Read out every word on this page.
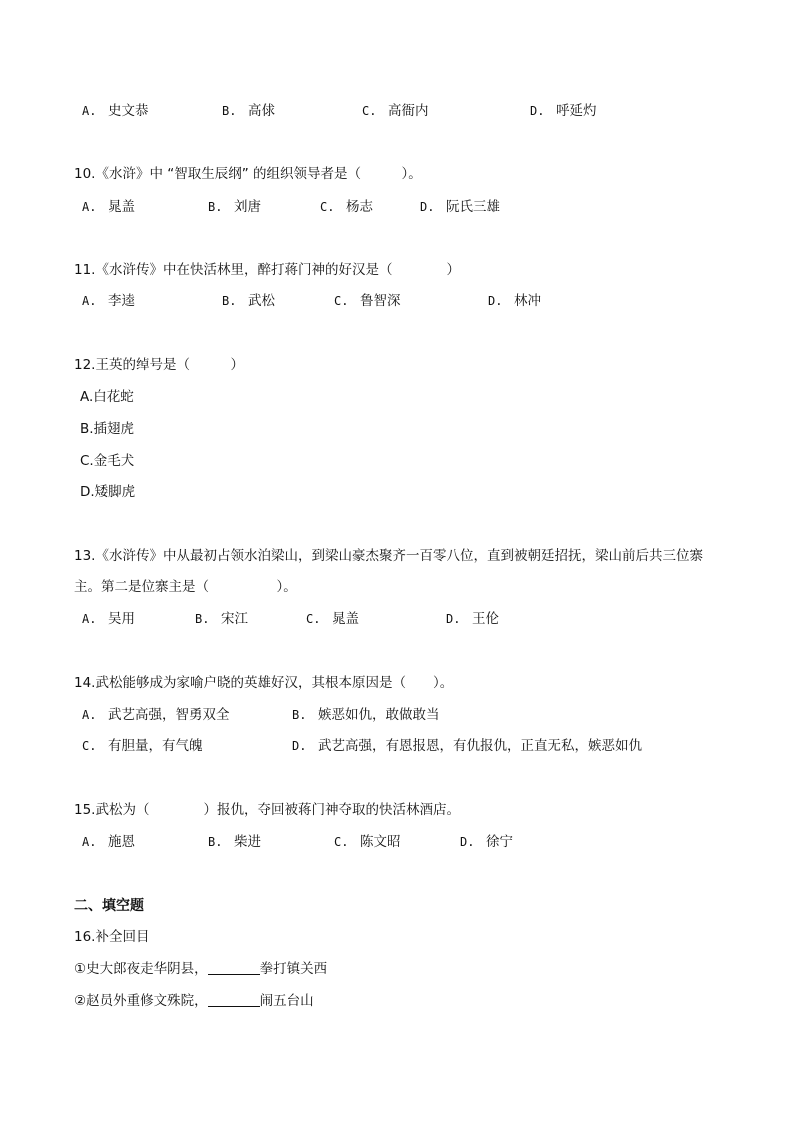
A. 史文恭	B. 高俅	C. 高衙内	D. 呼延灼
10.《水浒》中 “智取生辰纲” 的组织领导者是（　　　）。
A. 晁盖	B. 刘唐	C. 杨志	D. 阮氏三雄
11.《水浒传》中在快活林里，醉打蒋门神的好汉是（　　　　）
A. 李逵	B. 武松	C. 鲁智深	D. 林冲
12.王英的绰号是（　　　）
A.白花蛇
B.插翅虎
C.金毛犬
D.矮脚虎
13.《水浒传》中从最初占领水泊梁山，到梁山豪杰聚齐一百零八位，直到被朝廷招抚，梁山前后共三位寨
主。第二是位寨主是（　　　　　）。
A. 吴用	B. 宋江	C. 晁盖	D. 王伦
14.武松能够成为家喻户晓的英雄好汉，其根本原因是（　　）。
A. 武艺高强，智勇双全	B. 嫉恶如仇，敢做敢当
C. 有胆量，有气魄	D. 武艺高强，有恩报恩，有仇报仇，正直无私，嫉恶如仇
15.武松为（　　　　）报仇，夺回被蒋门神夺取的快活林酒店。
A. 施恩	B. 柴进	C. 陈文昭	D. 徐宁
二、填空题
16.补全回目
①史大郎夜走华阴县，	拳打镇关西
②赵员外重修文殊院，	闹五台山
